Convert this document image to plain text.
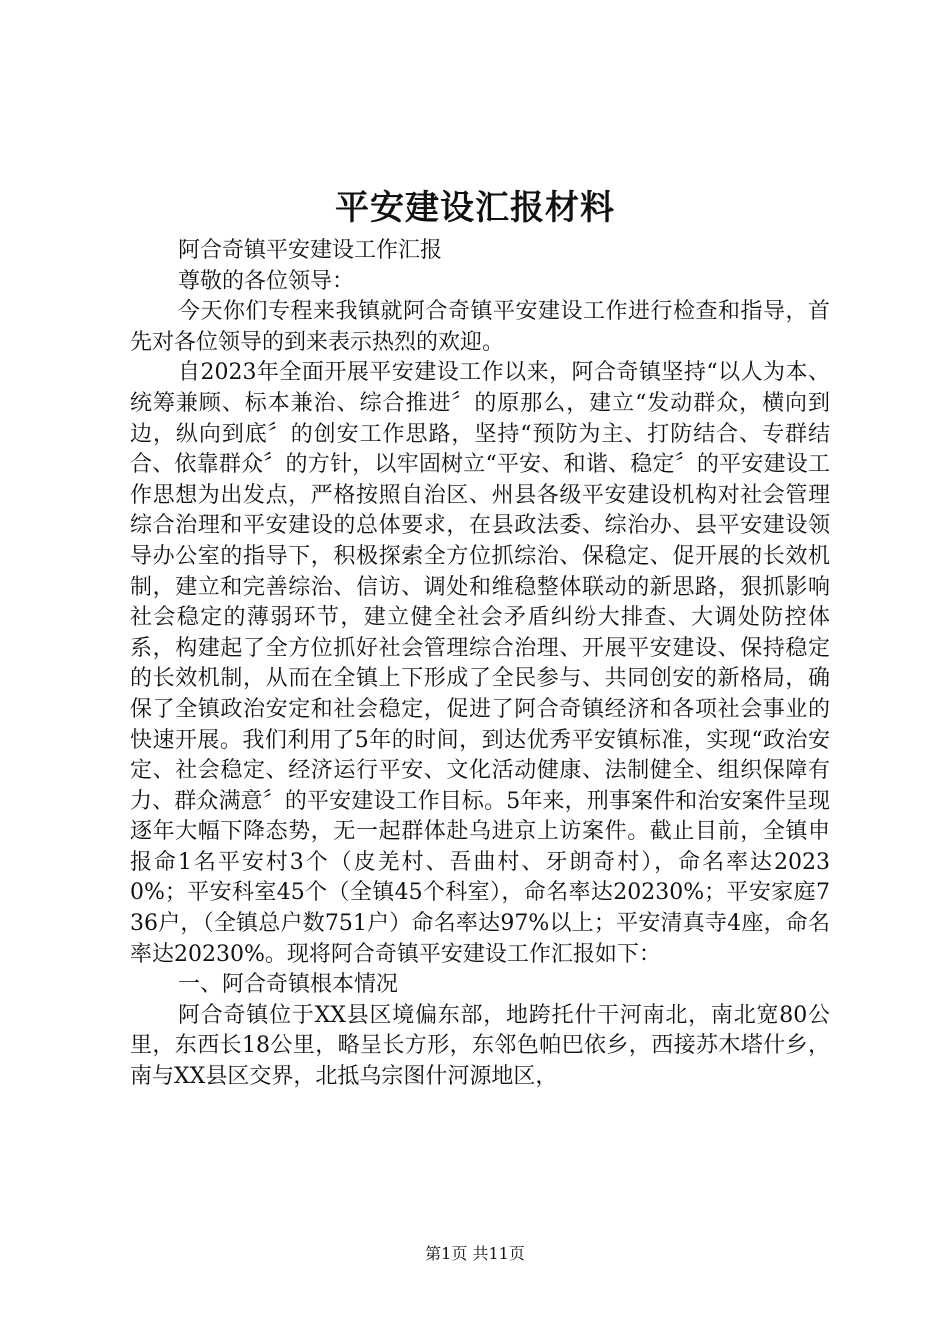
平安建设汇报材料

阿合奇镇平安建设工作汇报

尊敬的各位领导：

今天你们专程来我镇就阿合奇镇平安建设工作进行检查和指导，首先对各位领导的到来表示热烈的欢迎。

自2023年全面开展平安建设工作以来，阿合奇镇坚持“以人为本、统筹兼顾、标本兼治、综合推进〞的原那么，建立“发动群众，横向到边，纵向到底〞的创安工作思路，坚持“预防为主、打防结合、专群结合、依靠群众〞的方针，以牢固树立“平安、和谐、稳定〞的平安建设工作思想为出发点，严格按照自治区、州县各级平安建设机构对社会管理综合治理和平安建设的总体要求，在县政法委、综治办、县平安建设领导办公室的指导下，积极探索全方位抓综治、保稳定、促开展的长效机制，建立和完善综治、信访、调处和维稳整体联动的新思路，狠抓影响社会稳定的薄弱环节，建立健全社会矛盾纠纷大排查、大调处防控体系，构建起了全方位抓好社会管理综合治理、开展平安建设、保持稳定的长效机制，从而在全镇上下形成了全民参与、共同创安的新格局，确保了全镇政治安定和社会稳定，促进了阿合奇镇经济和各项社会事业的快速开展。我们利用了5年的时间，到达优秀平安镇标准，实现“政治安定、社会稳定、经济运行平安、文化活动健康、法制健全、组织保障有力、群众满意〞的平安建设工作目标。5年来，刑事案件和治安案件呈现逐年大幅下降态势，无一起群体赴乌进京上访案件。截止目前，全镇申报命1名平安村3个（皮羌村、吾曲村、牙朗奇村），命名率达20230%；平安科室45个（全镇45个科室），命名率达20230%；平安家庭736户，（全镇总户数751户）命名率达97%以上；平安清真寺4座，命名率达20230%。现将阿合奇镇平安建设工作汇报如下：

一、阿合奇镇根本情况

阿合奇镇位于XX县区境偏东部，地跨托什干河南北，南北宽80公里，东西长18公里，略呈长方形，东邻色帕巴依乡，西接苏木塔什乡，南与XX县区交界，北抵乌宗图什河源地区，

第1页 共11页
